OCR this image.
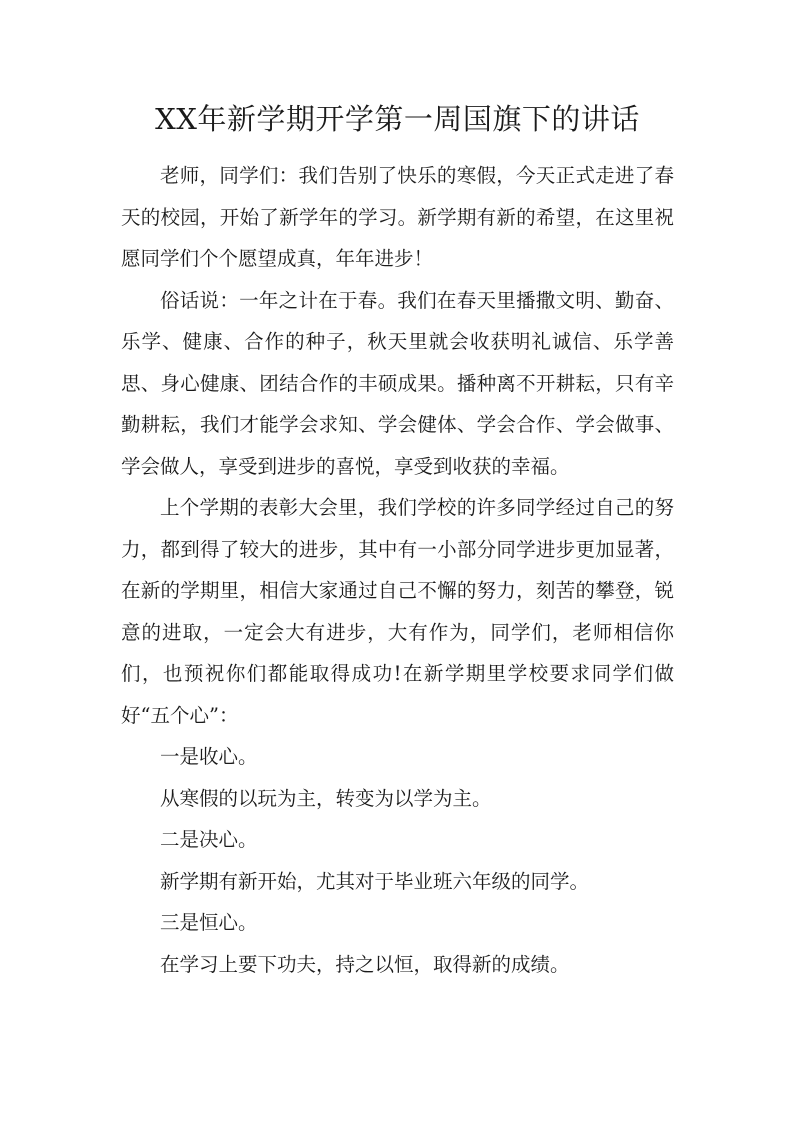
XX年新学期开学第一周国旗下的讲话

老师，同学们：我们告别了快乐的寒假，今天正式走进了春天的校园，开始了新学年的学习。新学期有新的希望，在这里祝愿同学们个个愿望成真，年年进步！

俗话说：一年之计在于春。我们在春天里播撒文明、勤奋、乐学、健康、合作的种子，秋天里就会收获明礼诚信、乐学善思、身心健康、团结合作的丰硕成果。播种离不开耕耘，只有辛勤耕耘，我们才能学会求知、学会健体、学会合作、学会做事、学会做人，享受到进步的喜悦，享受到收获的幸福。

上个学期的表彰大会里，我们学校的许多同学经过自己的努力，都到得了较大的进步，其中有一小部分同学进步更加显著，在新的学期里，相信大家通过自己不懈的努力，刻苦的攀登，锐意的进取，一定会大有进步，大有作为，同学们，老师相信你们，也预祝你们都能取得成功!在新学期里学校要求同学们做好“五个心”：

一是收心。

从寒假的以玩为主，转变为以学为主。

二是决心。

新学期有新开始，尤其对于毕业班六年级的同学。

三是恒心。

在学习上要下功夫，持之以恒，取得新的成绩。
